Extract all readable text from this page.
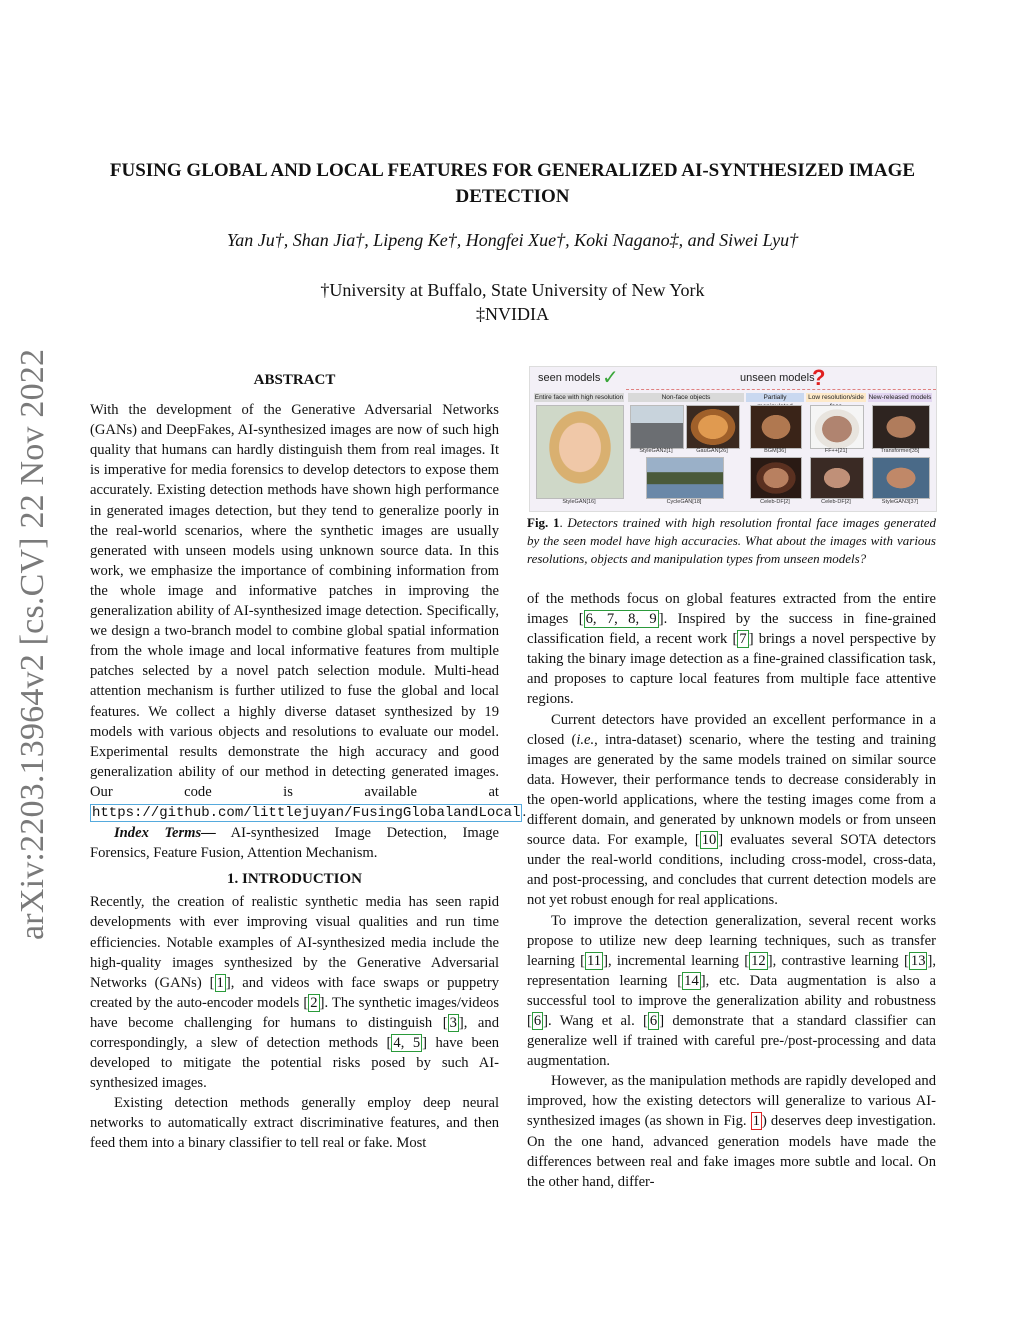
arXiv:2203.13964v2 [cs.CV] 22 Nov 2022
FUSING GLOBAL AND LOCAL FEATURES FOR GENERALIZED AI-SYNTHESIZED IMAGE DETECTION
Yan Ju†, Shan Jia†, Lipeng Ke†, Hongfei Xue†, Koki Nagano‡, and Siwei Lyu†
†University at Buffalo, State University of New York
‡NVIDIA
ABSTRACT

With the development of the Generative Adversarial Networks (GANs) and DeepFakes, AI-synthesized images are now of such high quality that humans can hardly distinguish them from real images. It is imperative for media forensics to develop detectors to expose them accurately. Existing detection methods have shown high performance in generated images detection, but they tend to generalize poorly in the real-world scenarios, where the synthetic images are usually generated with unseen models using unknown source data. In this work, we emphasize the importance of combining information from the whole image and informative patches in improving the generalization ability of AI-synthesized image detection. Specifically, we design a two-branch model to combine global spatial information from the whole image and local informative features from multiple patches selected by a novel patch selection module. Multi-head attention mechanism is further utilized to fuse the global and local features. We collect a highly diverse dataset synthesized by 19 models with various objects and resolutions to evaluate our model. Experimental results demonstrate the high accuracy and good generalization ability of our method in detecting generated images. Our code is available at https://github.com/littlejuyan/FusingGlobalandLocal .

Index Terms— AI-synthesized Image Detection, Image Forensics, Feature Fusion, Attention Mechanism.

1. INTRODUCTION

Recently, the creation of realistic synthetic media has seen rapid developments with ever improving visual qualities and run time efficiencies. Notable examples of AI-synthesized media include the high-quality images synthesized by the Generative Adversarial Networks (GANs) [ 1 ], and videos with face swaps or puppetry created by the auto-encoder models [ 2 ]. The synthetic images/videos have become challenging for humans to distinguish [ 3 ], and correspondingly, a slew of detection methods [ 4, 5 ] have been developed to mitigate the potential risks posed by such AI-synthesized images.

Existing detection methods generally employ deep neural networks to automatically extract discriminative features, and then feed them into a binary classifier to tell real or fake. Most

seen models ✓	unseen models
?
Entire face with high resolution	Non-face objects	Partially	Low resolution/side New-released models
StyleGAN[16]
StyleGAN2[1]	GauGAN[26]	BGM[36]	FF++[21]	Transformer[35]
CycleGAN[18]	Celeb-DF[2]	Celeb-DF[2]	StyleGAN3[37]
Fig. 1. Detectors trained with high resolution frontal face images generated by the seen model have high accuracies. What about the images with various resolutions, objects and manipulation types from unseen models?

of the methods focus on global features extracted from the entire images [ 6, 7, 8, 9 ]. Inspired by the success in fine-grained classification field, a recent work [ 7 ] brings a novel perspective by taking the binary image detection as a fine-grained classification task, and proposes to capture local features from multiple face attentive regions.

Current detectors have provided an excellent performance in a closed (i.e., intra-dataset) scenario, where the testing and training images are generated by the same models trained on similar source data. However, their performance tends to decrease considerably in the open-world applications, where the testing images come from a different domain, and generated by unknown models or from unseen source data. For example, [ 10 ] evaluates several SOTA detectors under the real-world conditions, including cross-model, cross-data, and post-processing, and concludes that current detection models are not yet robust enough for real applications.

To improve the detection generalization, several recent works propose to utilize new deep learning techniques, such as transfer learning [ 11 ], incremental learning [ 12 ], contrastive learning [ 13 ], representation learning [ 14 ], etc. Data augmentation is also a successful tool to improve the generalization ability and robustness [ 6 ]. Wang et al. [ 6 ] demonstrate that a standard classifier can generalize well if trained with careful pre-/post-processing and data augmentation.

However, as the manipulation methods are rapidly developed and improved, how the existing detectors will generalize to various AI-synthesized images (as shown in Fig. 1 ) deserves deep investigation. On the one hand, advanced generation models have made the differences between real and fake images more subtle and local. On the other hand, differ-
